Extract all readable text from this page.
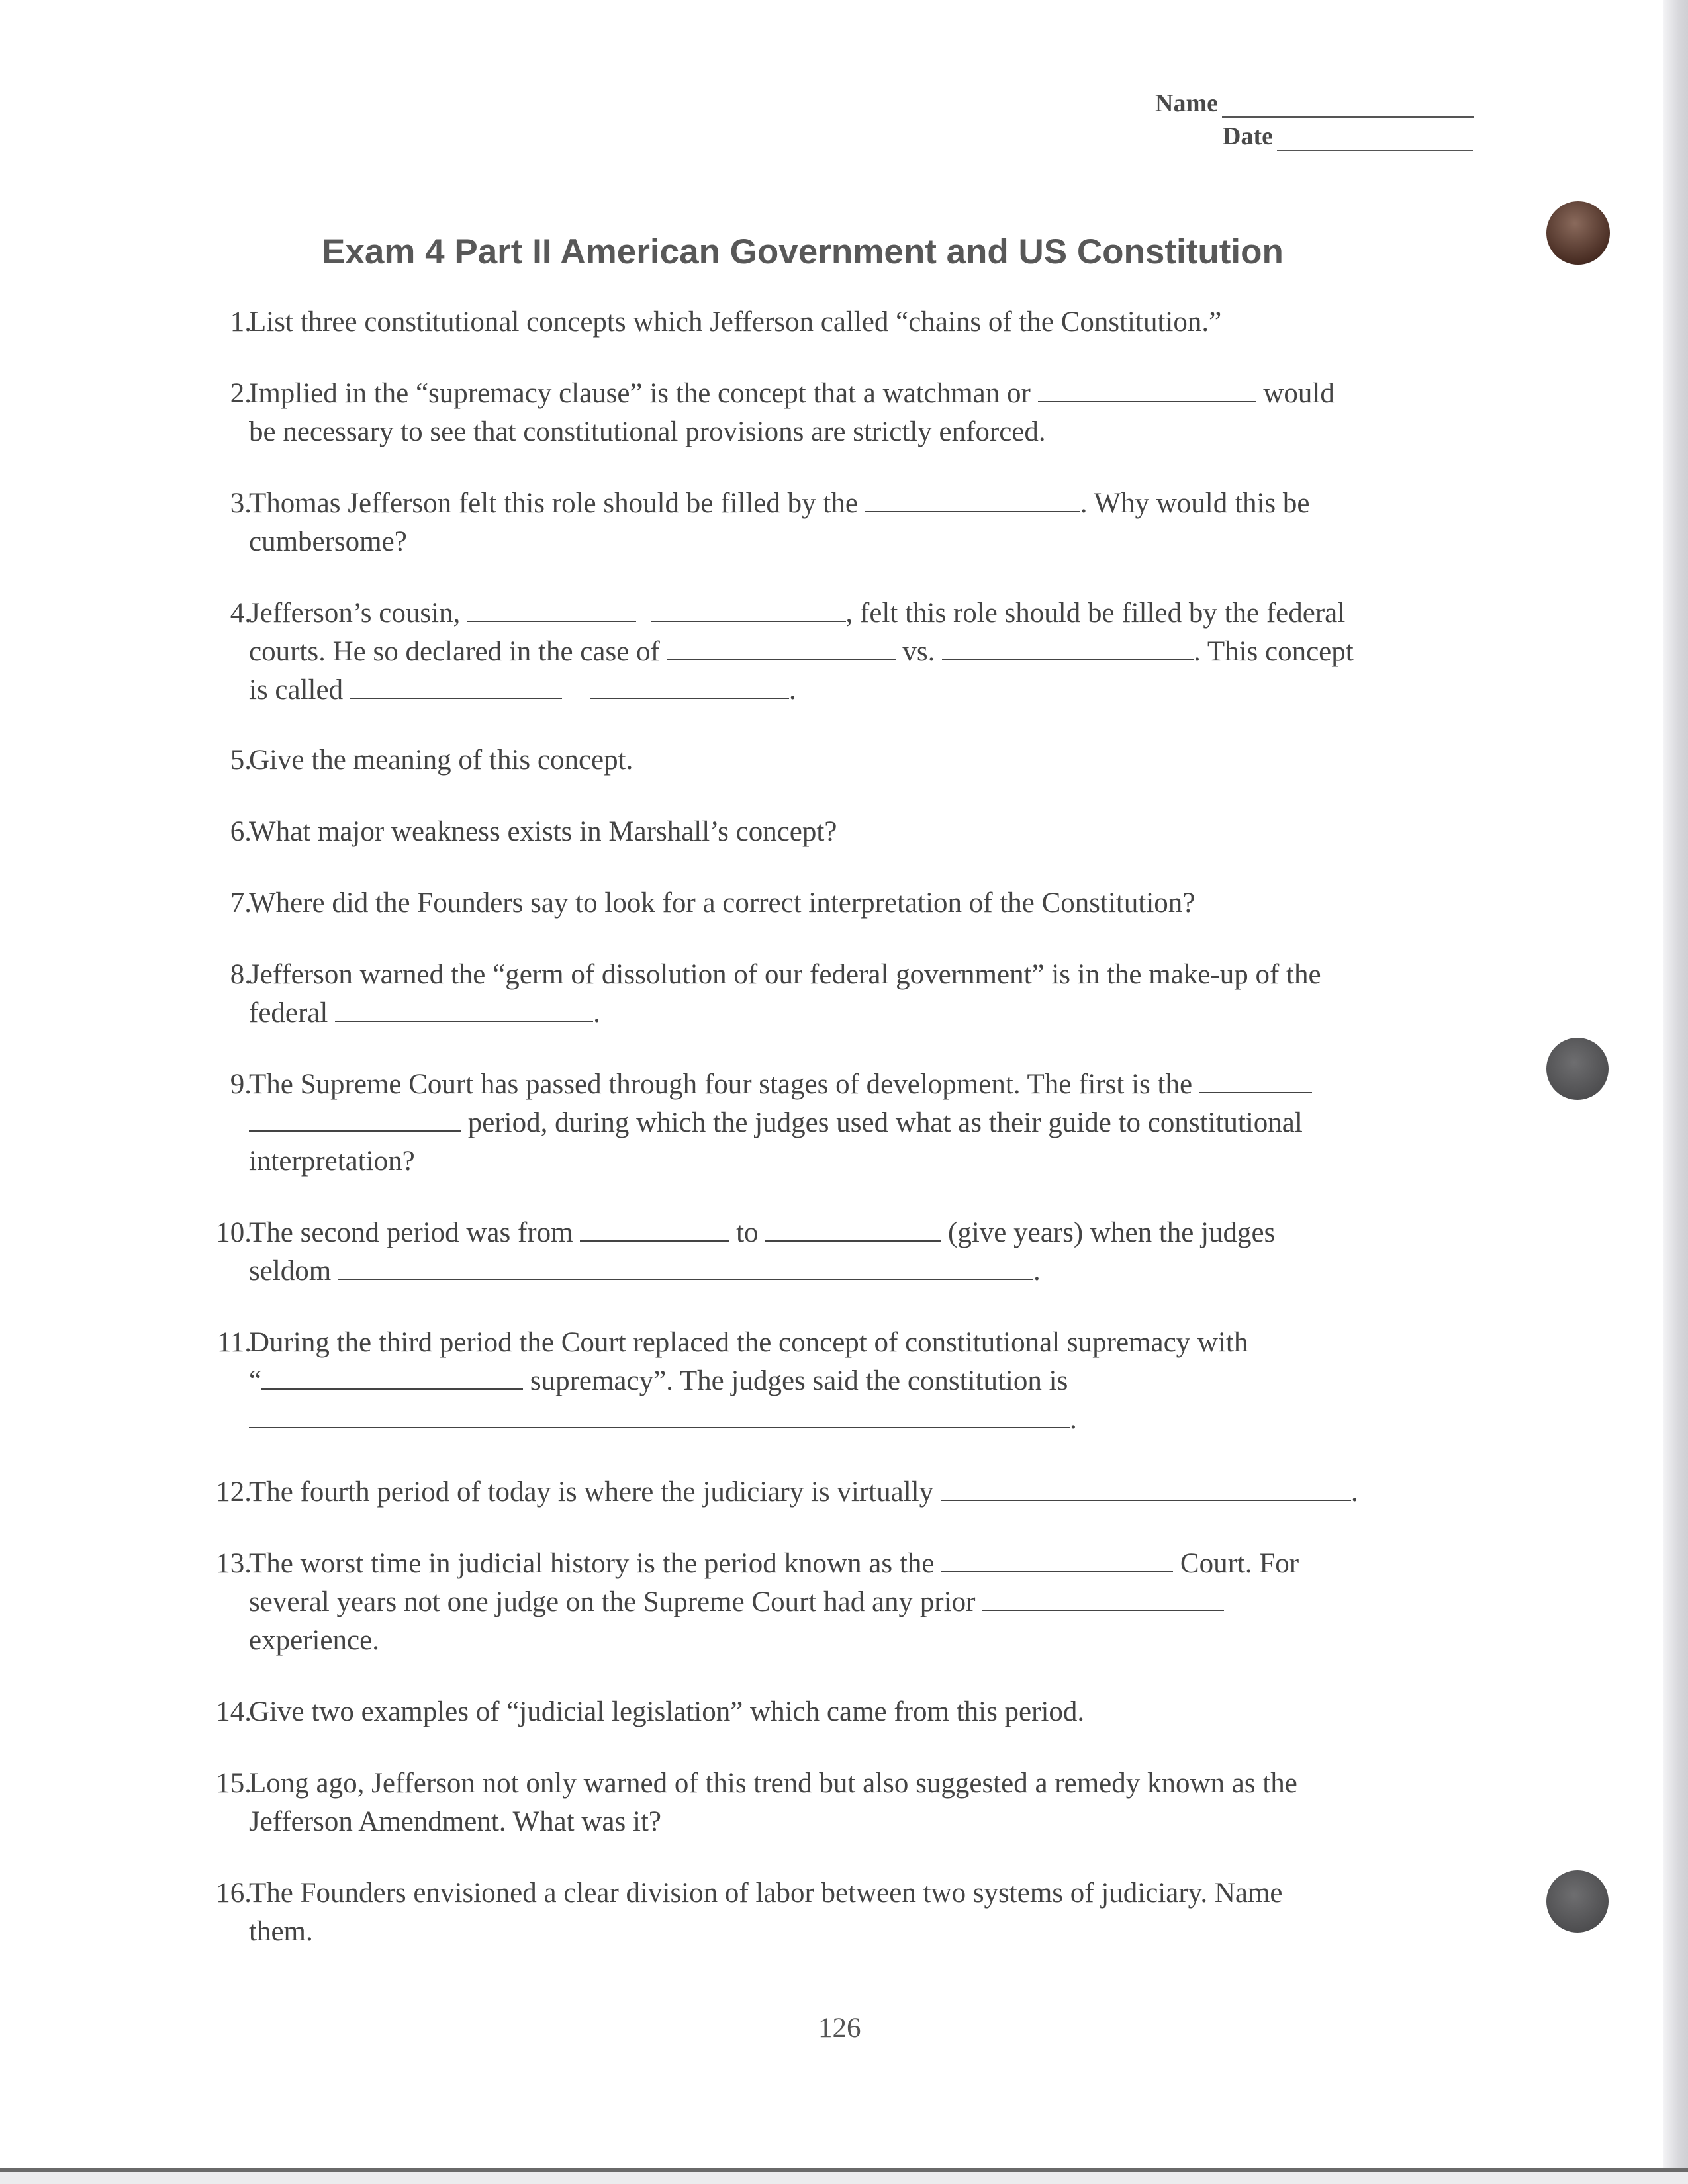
Name
Date
Exam 4 Part II American Government and US Constitution
1.
List three constitutional concepts which Jefferson called “chains of the Constitution.”
2.
Implied in the “supremacy clause” is the concept that a watchman or	would
be necessary to see that constitutional provisions are strictly enforced.
3.
Thomas Jefferson felt this role should be filled by the	. Why would this be
cumbersome?
4.
Jefferson’s cousin,	, felt this role should be filled by the federal
courts. He so declared in the case of	vs.	. This concept
is called	.
5.
Give the meaning of this concept.
6.
What major weakness exists in Marshall’s concept?
7.
Where did the Founders say to look for a correct interpretation of the Constitution?
8.
Jefferson warned the “germ of dissolution of our federal government” is in the make-up of the
federal	.
9.
The Supreme Court has passed through four stages of development. The first is the
period, during which the judges used what as their guide to constitutional
interpretation?
10.
The second period was from	to	(give years) when the judges
seldom	.
11.
During the third period the Court replaced the concept of constitutional supremacy with
“	supremacy”. The judges said the constitution is
.
12.
The fourth period of today is where the judiciary is virtually	.
13.
The worst time in judicial history is the period known as the	Court. For
several years not one judge on the Supreme Court had any prior
experience.
14.
Give two examples of “judicial legislation” which came from this period.
15.
Long ago, Jefferson not only warned of this trend but also suggested a remedy known as the
Jefferson Amendment. What was it?
16.
The Founders envisioned a clear division of labor between two systems of judiciary. Name
them.
126
